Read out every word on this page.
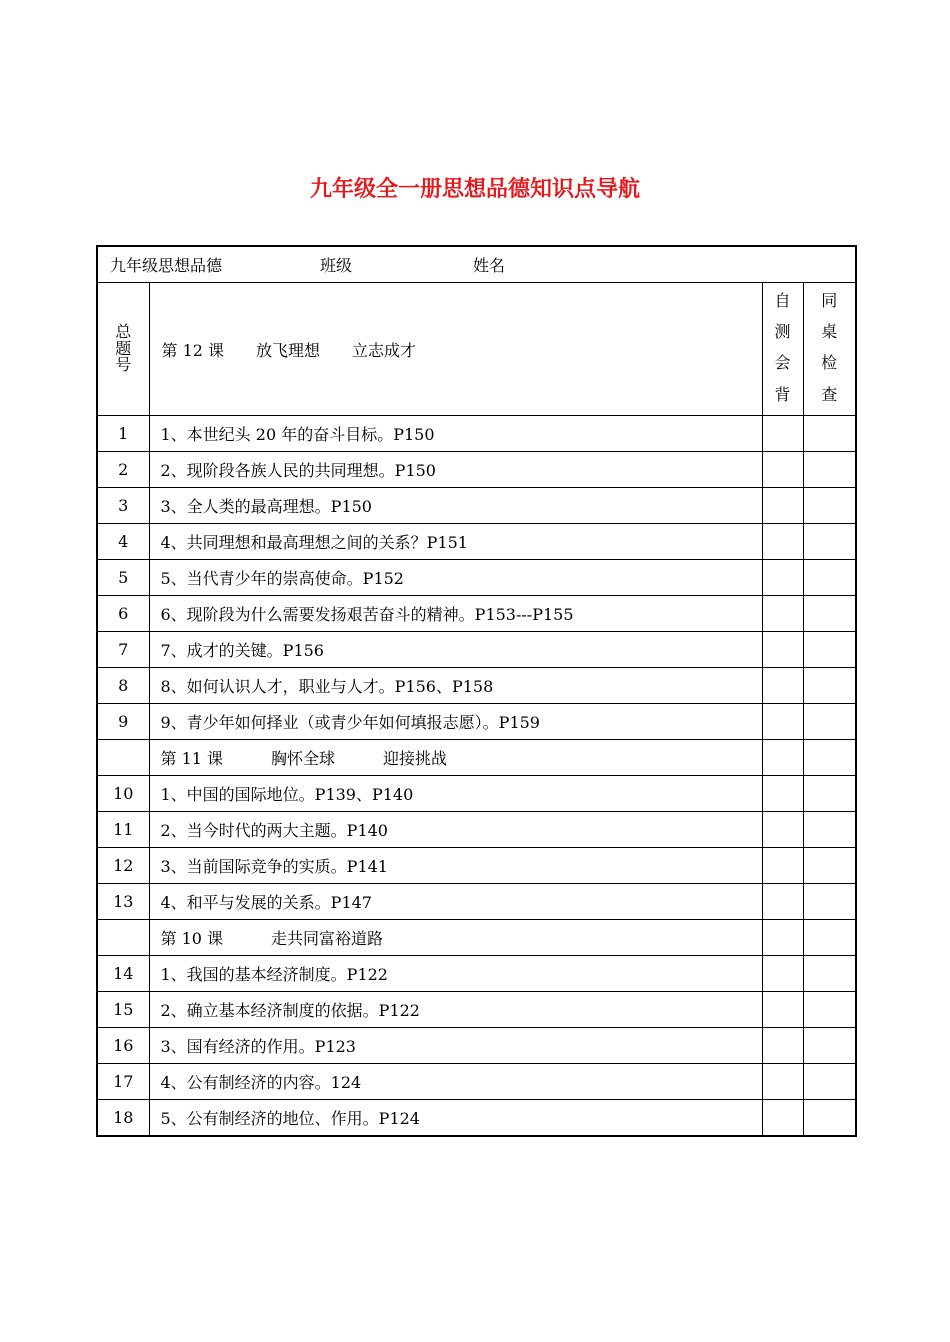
九年级全一册思想品德知识点导航
九年级思想品德 班级 姓名			
总题号	第 12 课　　放飞理想　　立志成才	自测会背	同桌检查
1	1、本世纪头 20 年的奋斗目标。P150		
2	2、现阶段各族人民的共同理想。P150		
3	3、全人类的最高理想。P150		
4	4、共同理想和最高理想之间的关系？P151		
5	5、当代青少年的崇高使命。P152		
6	6、现阶段为什么需要发扬艰苦奋斗的精神。P153---P155		
7	7、成才的关键。P156		
8	8、如何认识人才，职业与人才。P156、P158		
9	9、青少年如何择业（或青少年如何填报志愿）。P159		
	第 11 课　　　胸怀全球　　　迎接挑战		
10	1、中国的国际地位。P139、P140		
11	2、当今时代的两大主题。P140		
12	3、当前国际竞争的实质。P141		
13	4、和平与发展的关系。P147		
	第 10 课　　　走共同富裕道路		
14	1、我国的基本经济制度。P122		
15	2、确立基本经济制度的依据。P122		
16	3、国有经济的作用。P123		
17	4、公有制经济的内容。124		
18	5、公有制经济的地位、作用。P124		
